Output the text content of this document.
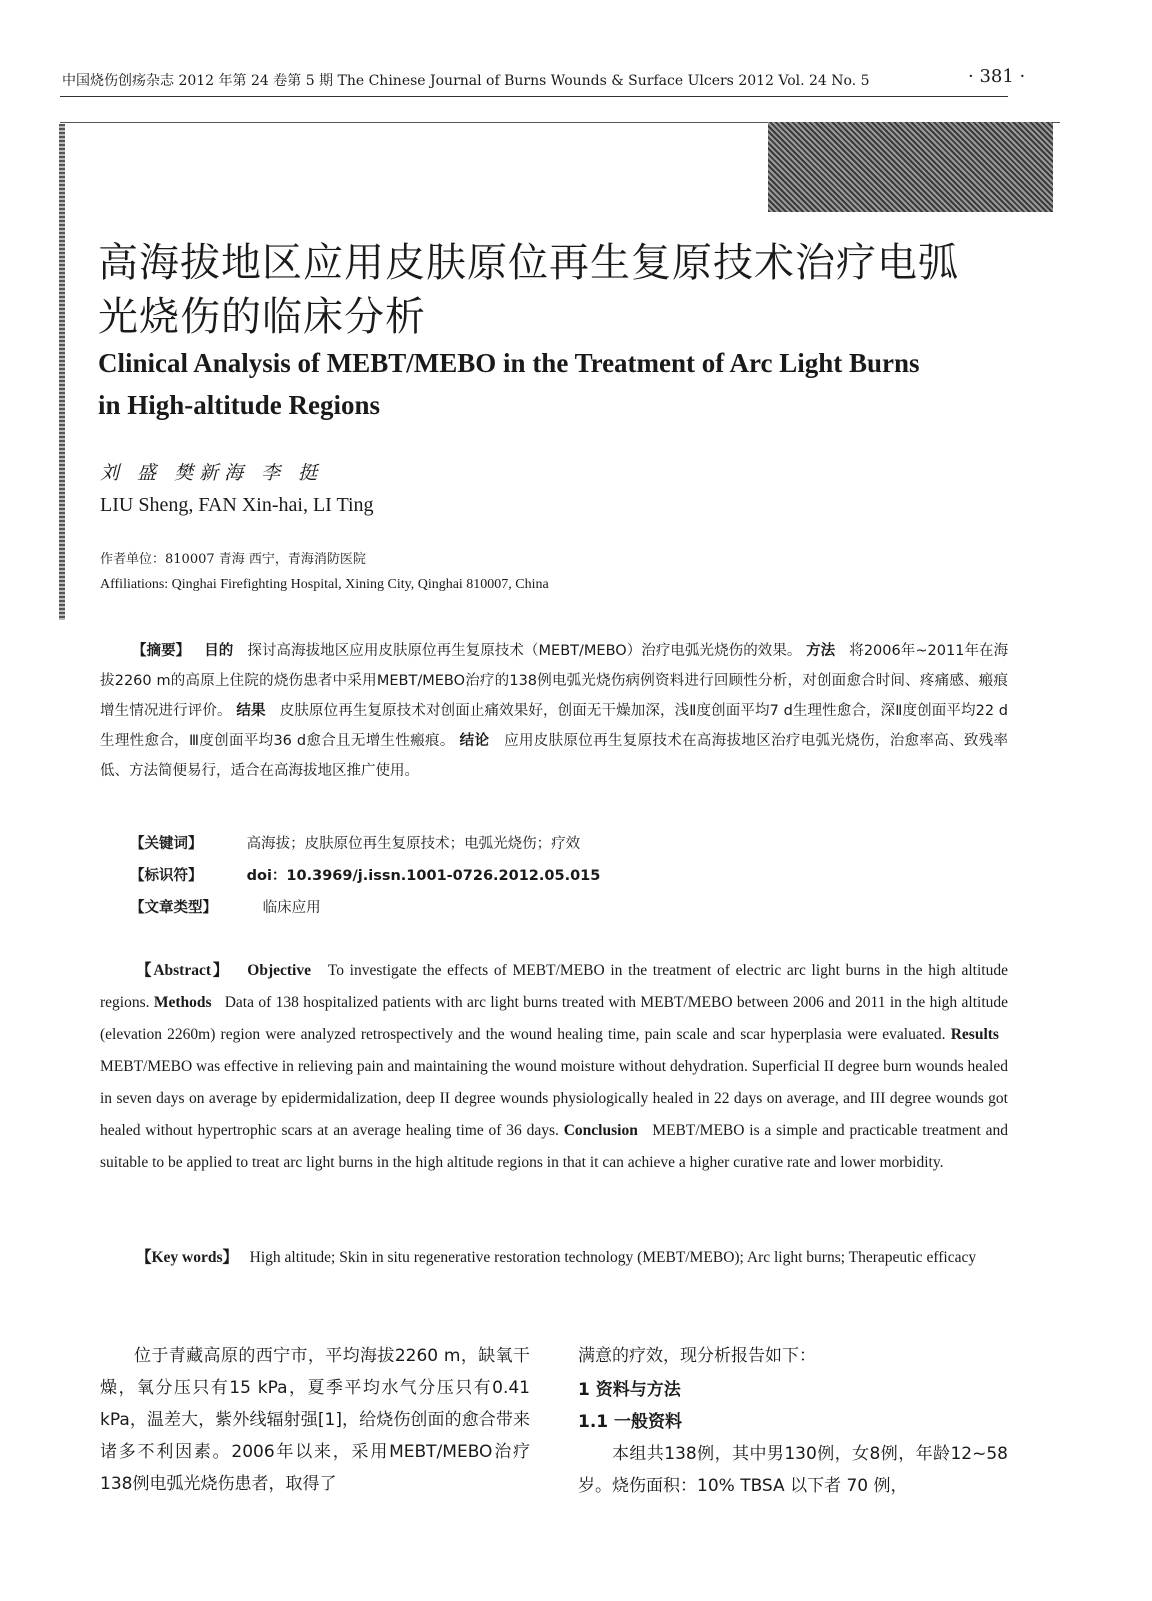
中国烧伤创疡杂志 2012 年第 24 卷第 5 期 The Chinese Journal of Burns Wounds & Surface Ulcers 2012 Vol. 24 No. 5	· 381 ·
高海拔地区应用皮肤原位再生复原技术治疗电弧
光烧伤的临床分析
Clinical Analysis of MEBT/MEBO in the Treatment of Arc Light Burns
in High-altitude Regions
刘 盛 樊新海 李 挺
LIU Sheng, FAN Xin-hai, LI Ting
作者单位：810007 青海 西宁，青海消防医院
Affiliations: Qinghai Firefighting Hospital, Xining City, Qinghai 810007, China
【摘要】 目的 探讨高海拔地区应用皮肤原位再生复原技术（MEBT/MEBO）治疗电弧光烧伤的效果。 方法 将2006年~2011年在海拔2260 m的高原上住院的烧伤患者中采用MEBT/MEBO治疗的138例电弧光烧伤病例资料进行回顾性分析，对创面愈合时间、疼痛感、瘢痕增生情况进行评价。 结果 皮肤原位再生复原技术对创面止痛效果好，创面无干燥加深，浅Ⅱ度创面平均7 d生理性愈合，深Ⅱ度创面平均22 d生理性愈合，Ⅲ度创面平均36 d愈合且无增生性瘢痕。 结论 应用皮肤原位再生复原技术在高海拔地区治疗电弧光烧伤，治愈率高、致残率低、方法简便易行，适合在高海拔地区推广使用。
【关键词】	高海拔；皮肤原位再生复原技术；电弧光烧伤；疗效
【标识符】	doi：10.3969/j.issn.1001-0726.2012.05.015
【文章类型】	临床应用
【Abstract】 Objective To investigate the effects of MEBT/MEBO in the treatment of electric arc light burns in the high altitude regions. Methods Data of 138 hospitalized patients with arc light burns treated with MEBT/MEBO between 2006 and 2011 in the high altitude (elevation 2260m) region were analyzed retrospectively and the wound healing time, pain scale and scar hyperplasia were evaluated. Results   MEBT/MEBO was effective in relieving pain and maintaining the wound moisture without dehydration. Superficial II degree burn wounds healed in seven days on average by epidermidalization, deep II degree wounds physiologically healed in 22 days on average, and III degree wounds got healed without hypertrophic scars at an average healing time of 36 days. Conclusion MEBT/MEBO is a simple and practicable treatment and suitable to be applied to treat arc light burns in the high altitude regions in that it can achieve a higher curative rate and lower morbidity.
【Key words】 High altitude; Skin in situ regenerative restoration technology (MEBT/MEBO); Arc light burns; Therapeutic efficacy
位于青藏高原的西宁市，平均海拔2260 m，缺氧干燥，氧分压只有15 kPa，夏季平均水气分压只有0.41 kPa，温差大，紫外线辐射强[1]，给烧伤创面的愈合带来诸多不利因素。2006年以来，采用MEBT/MEBO治疗138例电弧光烧伤患者，取得了
满意的疗效，现分析报告如下：
1 资料与方法
1.1 一般资料
本组共138例，其中男130例，女8例，年龄12~58岁。烧伤面积：10% TBSA 以下者 70 例，
